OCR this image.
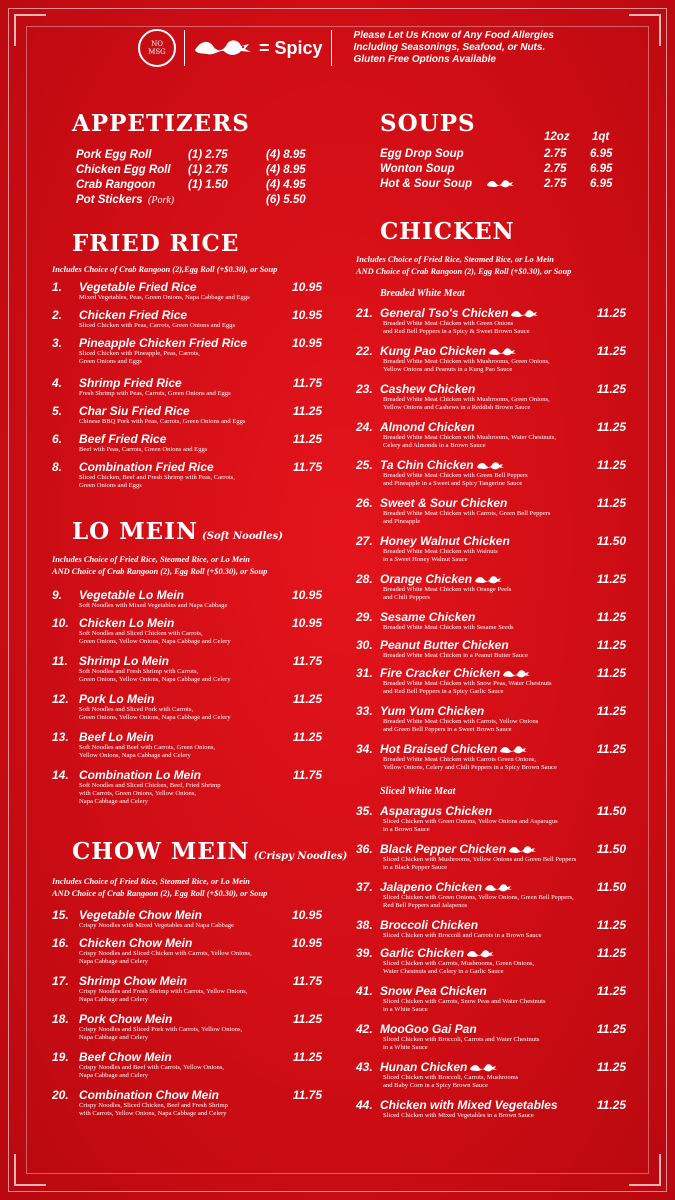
NO
MSG	= Spicy
Please Let Us Know of Any Food Allergies
Including Seasonings, Seafood, or Nuts.
Gluten Free Options Available
APPETIZERS
Pork Egg Roll	(1) 2.75	(4) 8.95
Chicken Egg Roll (1) 2.75	(4) 8.95
Crab Rangoon	(1) 1.50	(4) 4.95
Pot Stickers (Pork)	(6) 5.50
FRIED RICE
Includes Choice of Crab Rangoon (2),Egg Roll (+$0.30), or Soup
1. Vegetable Fried Rice	10.95
Mixed Vegetables, Peas, Green Onions, Napa Cabbage and Eggs
2. Chicken Fried Rice	10.95
Sliced Chicken with Peas, Carrots, Green Onions and Eggs
3. Pineapple Chicken Fried Rice	10.95
Sliced Chicken with Pineapple, Peas, Carrots,
Green Onions and Eggs
4. Shrimp Fried Rice	11.75
Fresh Shrimp with Peas, Carrots, Green Onions and Eggs
5. Char Siu Fried Rice	11.25
Chinese BBQ Pork with Peas, Carrots, Green Onions and Eggs
6. Beef Fried Rice	11.25
Beef with Peas, Carrots, Green Onions and Eggs
8. Combination Fried Rice	11.75
Sliced Chicken, Beef and Fresh Shrimp with Peas, Carrots,
Green Onions and Eggs
LO MEIN (Soft Noodles)
Includes Choice of Fried Rice, Steamed Rice, or Lo Mein
AND Choice of Crab Rangoon (2), Egg Roll (+$0.30), or Soup
9. Vegetable Lo Mein	10.95
Soft Noodles with Mixed Vegetables and Napa Cabbage
10. Chicken Lo Mein	10.95
Soft Noodles and Sliced Chicken with Carrots,
Green Onions, Yellow Onions, Napa Cabbage and Celery
11. Shrimp Lo Mein	11.75
Soft Noodles and Fresh Shrimp with Carrots,
Green Onions, Yellow Onions, Napa Cabbage and Celery
12. Pork Lo Mein	11.25
Soft Noodles and Sliced Pork with Carrots,
Green Onions, Yellow Onions, Napa Cabbage and Celery
13. Beef Lo Mein	11.25
Soft Noodles and Beef with Carrots, Green Onions,
Yellow Onions, Napa Cabbage and Celery
14. Combination Lo Mein	11.75
Soft Noodles and Sliced Chicken, Beef, Fried Shrimp
with Carrots, Green Onions, Yellow Onions,
Napa Cabbage and Celery
CHOW MEIN (Crispy Noodles)
Includes Choice of Fried Rice, Steamed Rice, or Lo Mein
AND Choice of Crab Rangoon (2), Egg Roll (+$0.30), or Soup
15. Vegetable Chow Mein	10.95
Crispy Noodles with Mixed Vegetables and Napa Cabbage
16. Chicken Chow Mein	10.95
Crispy Noodles and Sliced Chicken with Carrots, Yellow Onions,
Napa Cabbage and Celery
17. Shrimp Chow Mein	11.75
Crispy Noodles and Fresh Shrimp with Carrots, Yellow Onions,
Napa Cabbage and Celery
18. Pork Chow Mein	11.25
Crispy Noodles and Sliced Pork with Carrots, Yellow Onions,
Napa Cabbage and Celery
19. Beef Chow Mein	11.25
Crispy Noodles and Beef with Carrots, Yellow Onions,
Napa Cabbage and Celery
20. Combination Chow Mein	11.75
Crispy Noodles, Sliced Chicken, Beef and Fresh Shrimp
with Carrots, Yellow Onions, Napa Cabbage and Celery
SOUPS	12oz 1qt
Egg Drop Soup	2.75 6.95
Wonton Soup	2.75 6.95
Hot & Sour Soup	2.75 6.95
CHICKEN
Includes Choice of Fried Rice, Steamed Rice, or Lo Mein
AND Choice of Crab Rangoon (2), Egg Roll (+$0.30), or Soup
Breaded White Meat
21. General Tso's Chicken	11.25
Breaded White Meat Chicken with Green Onions
and Red Bell Peppers in a Spicy & Sweet Brown Sauce
22. Kung Pao Chicken	11.25
Breaded White Meat Chicken with Mushrooms, Green Onions,
Yellow Onions and Peanuts in a Kung Pao Sauce
23. Cashew Chicken	11.25
Breaded White Meat Chicken with Mushrooms, Green Onions,
Yellow Onions and Cashews in a Reddish Brown Sauce
24. Almond Chicken	11.25
Breaded White Meat Chicken with Mushrooms, Water Chestnuts,
Celery and Almonds in a Brown Sauce
25. Ta Chin Chicken	11.25
Breaded White Meat Chicken with Green Bell Peppers
and Pineapple in a Sweet and Spicy Tangerine Sauce
26. Sweet & Sour Chicken	11.25
Breaded White Meat Chicken with Carrots, Green Bell Peppers
and Pineapple
27. Honey Walnut Chicken	11.50
Breaded White Meat Chicken with Walnuts
in a Sweet Honey Walnut Sauce
28. Orange Chicken	11.25
Breaded White Meat Chicken with Orange Peels
and Chili Peppers
29. Sesame Chicken	11.25
Breaded White Meat Chicken with Sesame Seeds
30. Peanut Butter Chicken	11.25
Breaded White Meat Chicken in a Peanut Butter Sauce
31. Fire Cracker Chicken	11.25
Breaded White Meat Chicken with Snow Peas, Water Chestnuts
and Red Bell Peppers in a Spicy Garlic Sauce
33. Yum Yum Chicken	11.25
Breaded White Meat Chicken with Carrots, Yellow Onions
and Green Bell Peppers in a Sweet Brown Sauce
34. Hot Braised Chicken	11.25
Breaded White Meat Chicken with Carrots Green Onions,
Yellow Onions, Celery and Chili Peppers in a Spicy Brown Sauce
Sliced White Meat
35. Asparagus Chicken	11.50
Sliced Chicken with Green Onions, Yellow Onions and Asparagus
in a Brown Sauce
36. Black Pepper Chicken	11.50
Sliced Chicken with Mushrooms, Yellow Onions and Green Bell Peppers
in a Black Pepper Sauce
37. Jalapeno Chicken	11.50
Sliced Chicken with Green Onions, Yellow Onions, Green Bell Peppers,
Red Bell Peppers and Jalapenos
38. Broccoli Chicken	11.25
Sliced Chicken with Broccoli and Carrots in a Brown Sauce
39. Garlic Chicken	11.25
Sliced Chicken with Carrots, Mushrooms, Green Onions,
Water Chestnuts and Celery in a Garlic Sauce
41. Snow Pea Chicken	11.25
Sliced Chicken with Carrots, Snow Peas and Water Chestnuts
in a White Sauce
42. MooGoo Gai Pan	11.25
Sliced Chicken with Broccoli, Carrots and Water Chestnuts
in a White Sauce
43. Hunan Chicken	11.25
Sliced Chicken with Broccoli, Carrots, Mushrooms
and Baby Corn in a Spicy Brown Sauce
44. Chicken with Mixed Vegetables	11.25
Sliced Chicken with Mixed Vegetables in a Brown Sauce
